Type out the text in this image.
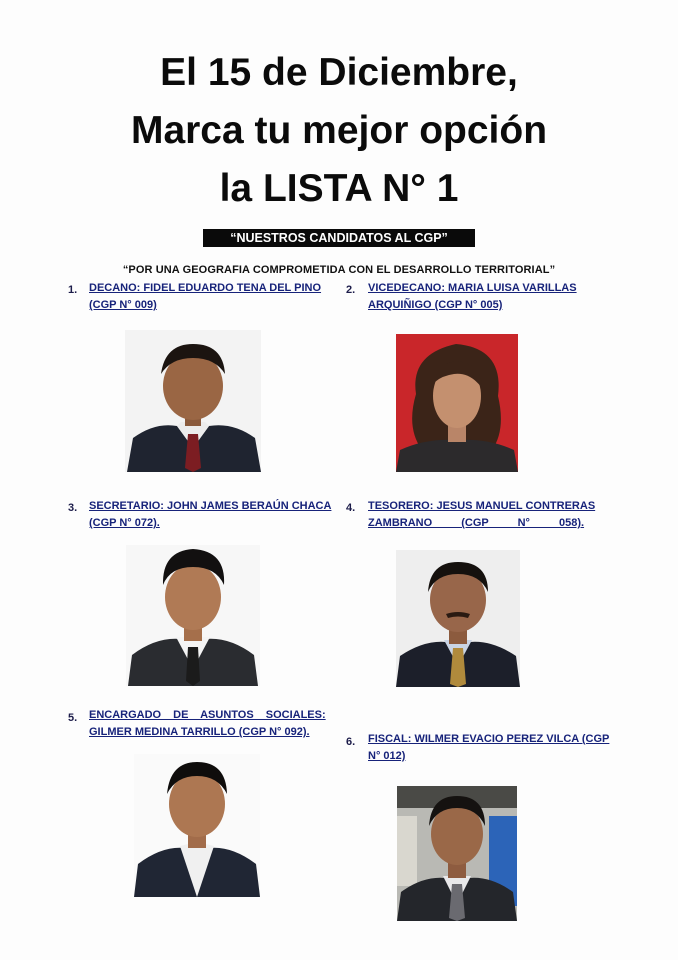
El 15 de Diciembre,
Marca tu mejor opción
la LISTA N° 1
“NUESTROS CANDIDATOS AL CGP”
“POR UNA GEOGRAFIA COMPROMETIDA CON EL DESARROLLO TERRITORIAL”
1. DECANO: FIDEL EDUARDO TENA DEL PINO
(CGP N° 009)
2. VICEDECANO: MARIA LUISA VARILLAS
ARQUIÑIGO (CGP N° 005)
3. SECRETARIO: JOHN JAMES BERAÚN CHACA
(CGP N° 072).
4. TESORERO: JESUS MANUEL CONTRERAS
ZAMBRANO (CGP N° 058).
5. ENCARGADO DE ASUNTOS SOCIALES:
GILMER MEDINA TARRILLO (CGP N° 092).
6. FISCAL: WILMER EVACIO PEREZ VILCA (CGP
N° 012)
